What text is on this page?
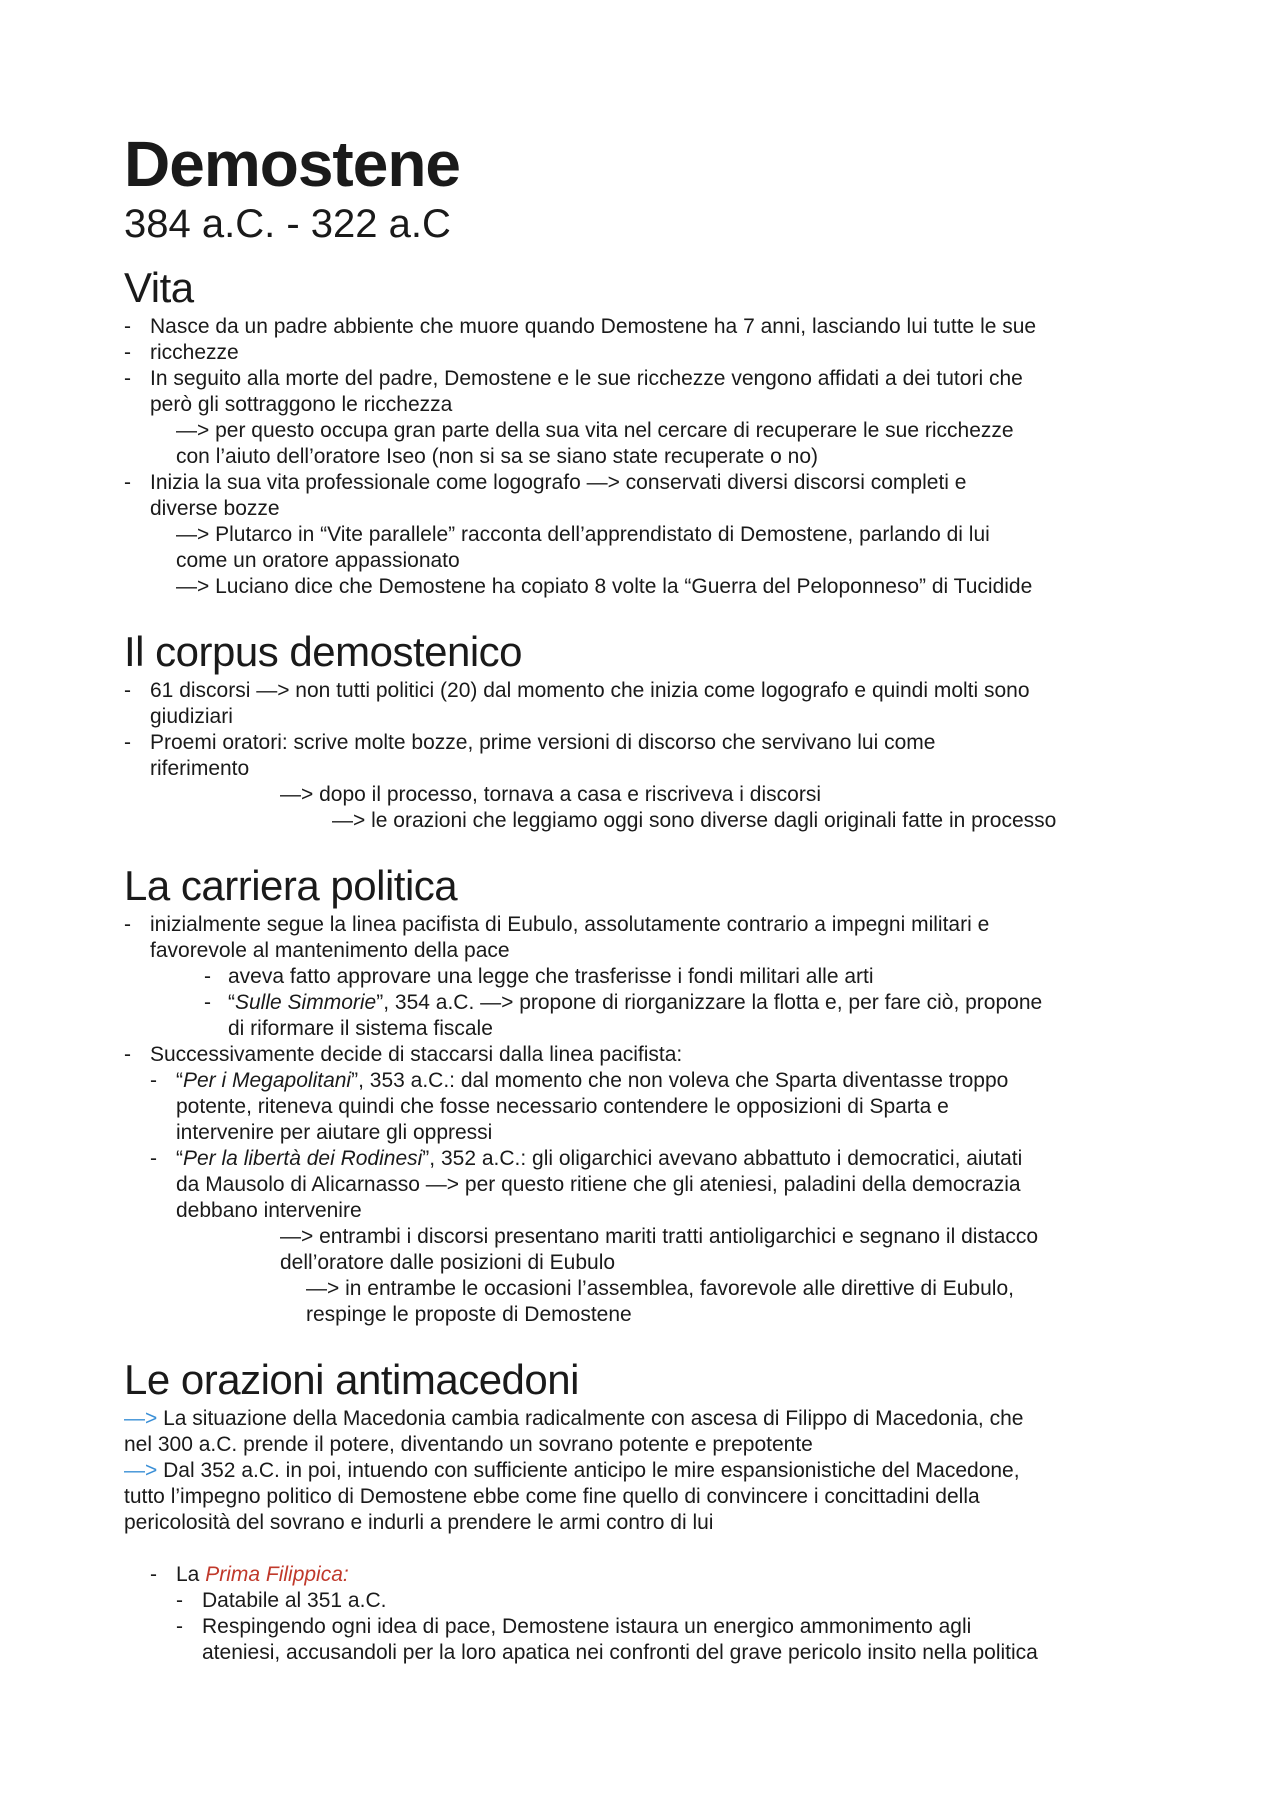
Demostene
384 a.C. - 322 a.C
Vita
- Nasce da un padre abbiente che muore quando Demostene ha 7 anni, lasciando lui tutte le sue
- ricchezze
- In seguito alla morte del padre, Demostene e le sue ricchezze vengono affidati a dei tutori che
però gli sottraggono le ricchezza
—> per questo occupa gran parte della sua vita nel cercare di recuperare le sue ricchezze
con l’aiuto dell’oratore Iseo (non si sa se siano state recuperate o no)
- Inizia la sua vita professionale come logografo —> conservati diversi discorsi completi e
diverse bozze
—> Plutarco in “Vite parallele” racconta dell’apprendistato di Demostene, parlando di lui
come un oratore appassionato
—> Luciano dice che Demostene ha copiato 8 volte la “Guerra del Peloponneso” di Tucidide
Il corpus demostenico
- 61 discorsi —> non tutti politici (20) dal momento che inizia come logografo e quindi molti sono
giudiziari
- Proemi oratori: scrive molte bozze, prime versioni di discorso che servivano lui come
riferimento
—> dopo il processo, tornava a casa e riscriveva i discorsi
—> le orazioni che leggiamo oggi sono diverse dagli originali fatte in processo
La carriera politica
- inizialmente segue la linea pacifista di Eubulo, assolutamente contrario a impegni militari e
favorevole al mantenimento della pace
- aveva fatto approvare una legge che trasferisse i fondi militari alle arti
- “Sulle Simmorie”, 354 a.C. —> propone di riorganizzare la flotta e, per fare ciò, propone
di riformare il sistema fiscale
- Successivamente decide di staccarsi dalla linea pacifista:
- “Per i Megapolitani”, 353 a.C.: dal momento che non voleva che Sparta diventasse troppo
potente, riteneva quindi che fosse necessario contendere le opposizioni di Sparta e
intervenire per aiutare gli oppressi
- “Per la libertà dei Rodinesi”, 352 a.C.: gli oligarchici avevano abbattuto i democratici, aiutati
da Mausolo di Alicarnasso —> per questo ritiene che gli ateniesi, paladini della democrazia
debbano intervenire
—> entrambi i discorsi presentano mariti tratti antioligarchici e segnano il distacco
dell’oratore dalle posizioni di Eubulo
—> in entrambe le occasioni l’assemblea, favorevole alle direttive di Eubulo,
respinge le proposte di Demostene
Le orazioni antimacedoni
—> La situazione della Macedonia cambia radicalmente con ascesa di Filippo di Macedonia, che
nel 300 a.C. prende il potere, diventando un sovrano potente e prepotente
—> Dal 352 a.C. in poi, intuendo con sufficiente anticipo le mire espansionistiche del Macedone,
tutto l’impegno politico di Demostene ebbe come fine quello di convincere i concittadini della
pericolosità del sovrano e indurli a prendere le armi contro di lui
- La Prima Filippica:
- Databile al 351 a.C.
- Respingendo ogni idea di pace, Demostene istaura un energico ammonimento agli
ateniesi, accusandoli per la loro apatica nei confronti del grave pericolo insito nella politica
